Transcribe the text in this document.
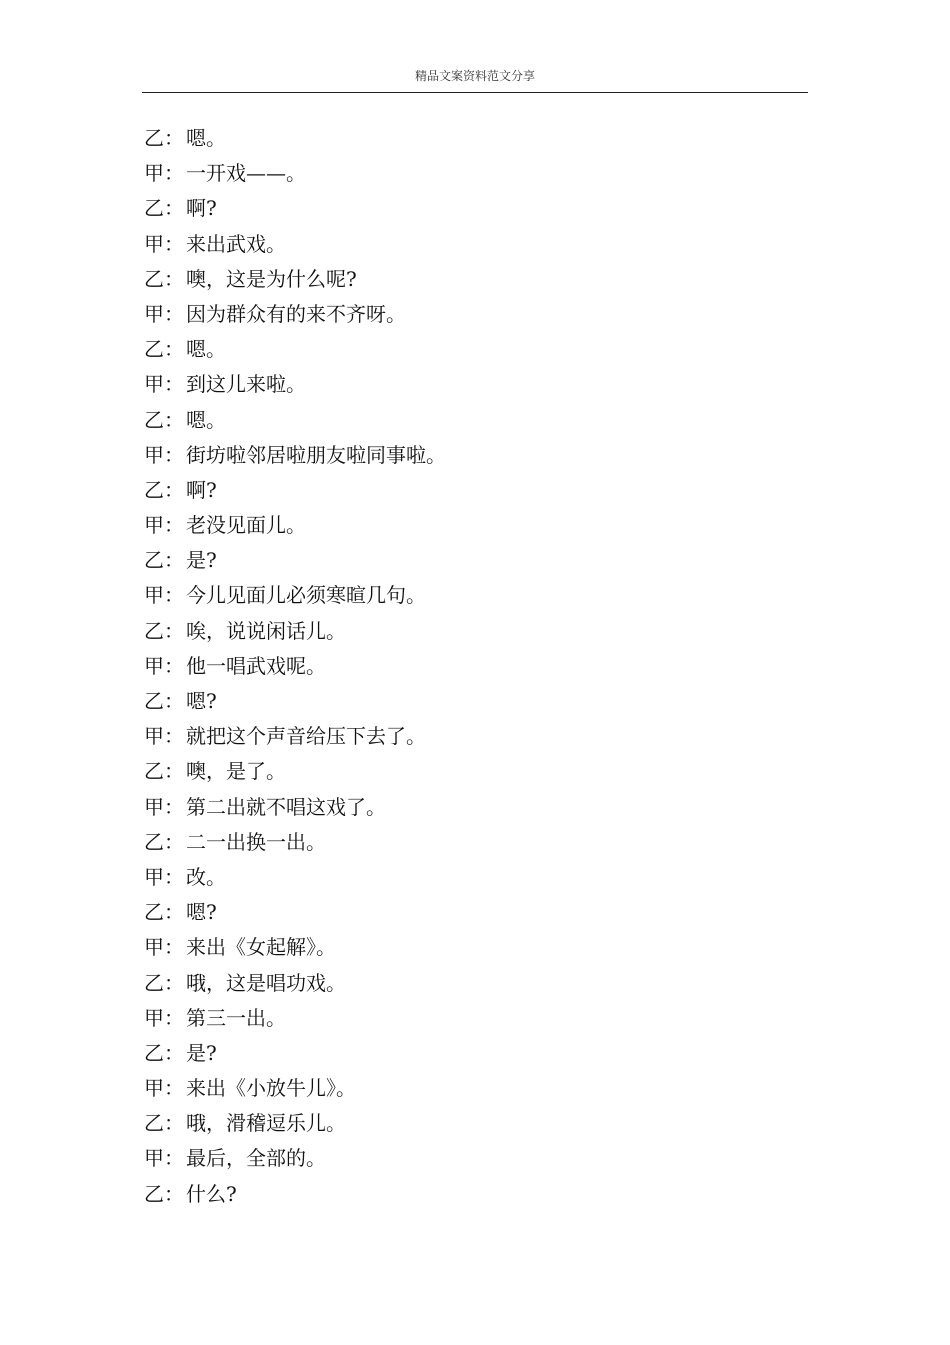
精品文案资料范文分享
乙： 嗯。
甲： 一开戏——。
乙： 啊?
甲： 来出武戏。
乙： 噢，这是为什么呢?
甲： 因为群众有的来不齐呀。
乙： 嗯。
甲： 到这儿来啦。
乙： 嗯。
甲： 街坊啦邻居啦朋友啦同事啦。
乙： 啊?
甲： 老没见面儿。
乙： 是?
甲： 今儿见面儿必须寒暄几句。
乙： 唉，说说闲话儿。
甲： 他一唱武戏呢。
乙： 嗯?
甲： 就把这个声音给压下去了。
乙： 噢，是了。
甲： 第二出就不唱这戏了。
乙： 二一出换一出。
甲： 改。
乙： 嗯?
甲： 来出《女起解》。
乙： 哦，这是唱功戏。
甲： 第三一出。
乙： 是?
甲： 来出《小放牛儿》。
乙： 哦，滑稽逗乐儿。
甲： 最后，全部的。
乙： 什么?
